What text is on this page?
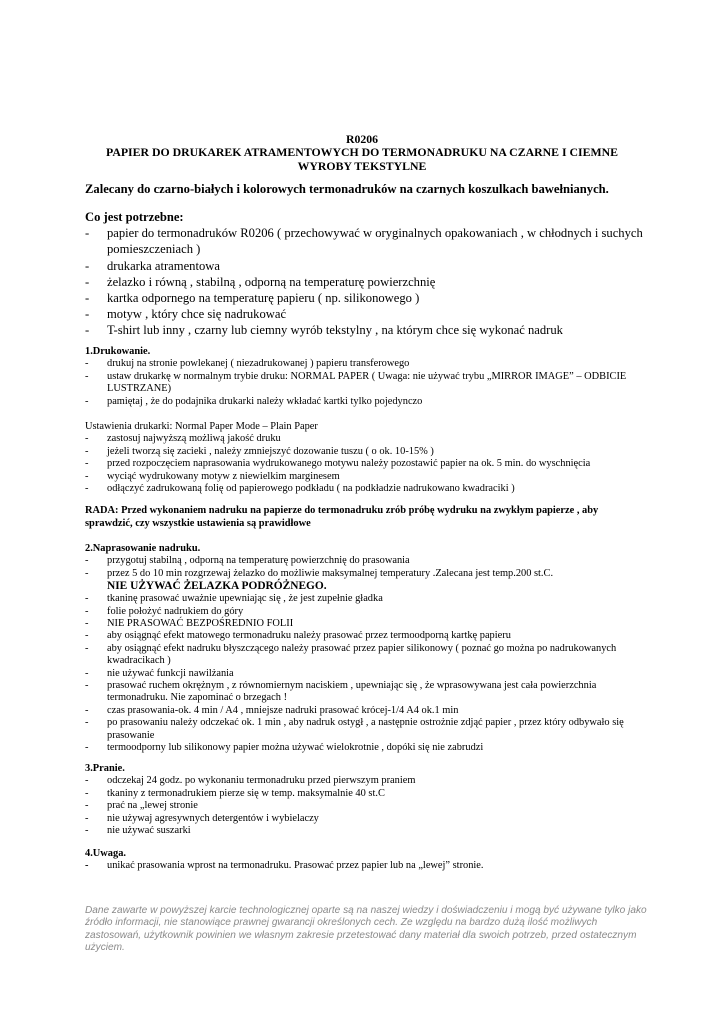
R0206
PAPIER DO DRUKAREK ATRAMENTOWYCH DO TERMONADRUKU NA CZARNE I CIEMNE
WYROBY TEKSTYLNE
Zalecany do czarno-białych i kolorowych termonadruków na czarnych koszulkach bawełnianych.
Co jest potrzebne:
- papier do termonadruków R0206 ( przechowywać w oryginalnych opakowaniach , w chłodnych i suchych pomieszczeniach )
- drukarka atramentowa
- żelazko i równą , stabilną , odporną na temperaturę powierzchnię
- kartka odpornego na temperaturę papieru ( np. silikonowego )
- motyw , który chce się nadrukować
- T-shirt lub inny , czarny lub ciemny wyrób tekstylny , na którym chce się wykonać nadruk
1.Drukowanie.
- drukuj na stronie powlekanej ( niezadrukowanej ) papieru transferowego
- ustaw drukarkę w normalnym trybie druku: NORMAL PAPER ( Uwaga: nie używać trybu „MIRROR IMAGE” – ODBICIE LUSTRZANE)
- pamiętaj , że do podajnika drukarki należy wkładać kartki tylko pojedynczo
Ustawienia drukarki: Normal Paper Mode – Plain Paper
- zastosuj najwyższą możliwą jakość druku
- jeżeli tworzą się zacieki , należy zmniejszyć dozowanie tuszu ( o ok. 10-15% )
- przed rozpoczęciem naprasowania wydrukowanego motywu należy pozostawić papier na ok. 5 min. do wyschnięcia
- wyciąć wydrukowany motyw z niewielkim marginesem
- odłączyć zadrukowaną folię od papierowego podkładu ( na podkładzie nadrukowano kwadraciki )
RADA: Przed wykonaniem nadruku na papierze do termonadruku zrób próbę wydruku na zwykłym papierze , aby sprawdzić, czy wszystkie ustawienia są prawidłowe
2.Naprasowanie nadruku.
- przygotuj stabilną , odporną na temperaturę powierzchnię do prasowania
- przez 5 do 10 min rozgrzewaj żelazko do możliwie maksymalnej temperatury .Zalecana jest temp.200 st.C.
NIE UŻYWAĆ ŻELAZKA PODRÓŻNEGO.
- tkaninę prasować uważnie upewniając się , że jest zupełnie gładka
- folie położyć nadrukiem do góry
- NIE PRASOWAĆ BEZPOŚREDNIO FOLII
- aby osiągnąć efekt matowego termonadruku należy prasować przez termoodporną kartkę papieru
- aby osiągnąć efekt nadruku błyszczącego należy prasować przez papier silikonowy ( poznać go można po nadrukowanych kwadracikach )
- nie używać funkcji nawilżania
- prasować ruchem okrężnym , z równomiernym naciskiem , upewniając się , że wprasowywana jest cała powierzchnia termonadruku. Nie zapominać o brzegach !
- czas prasowania-ok. 4 min / A4 , mniejsze nadruki prasować krócej-1/4 A4 ok.1 min
- po prasowaniu należy odczekać ok. 1 min , aby nadruk ostygł , a następnie ostrożnie zdjąć papier , przez który odbywało się prasowanie
- termoodporny lub silikonowy papier można używać wielokrotnie , dopóki się nie zabrudzi
3.Pranie.
- odczekaj 24 godz. po wykonaniu termonadruku przed pierwszym praniem
- tkaniny z termonadrukiem pierze się w temp. maksymalnie 40 st.C
- prać na „lewej stronie
- nie używaj agresywnych detergentów i wybielaczy
- nie używać suszarki
4.Uwaga.
- unikać prasowania wprost na termonadruku. Prasować przez papier lub na „lewej” stronie.
Dane zawarte w powyższej karcie technologicznej oparte są na naszej wiedzy i doświadczeniu i mogą być używane tylko jako źródło informacji, nie stanowiące prawnej gwarancji określonych cech. Ze względu na bardzo dużą ilość możliwych zastosowań, użytkownik powinien we własnym zakresie przetestować dany materiał dla swoich potrzeb, przed ostatecznym użyciem.
